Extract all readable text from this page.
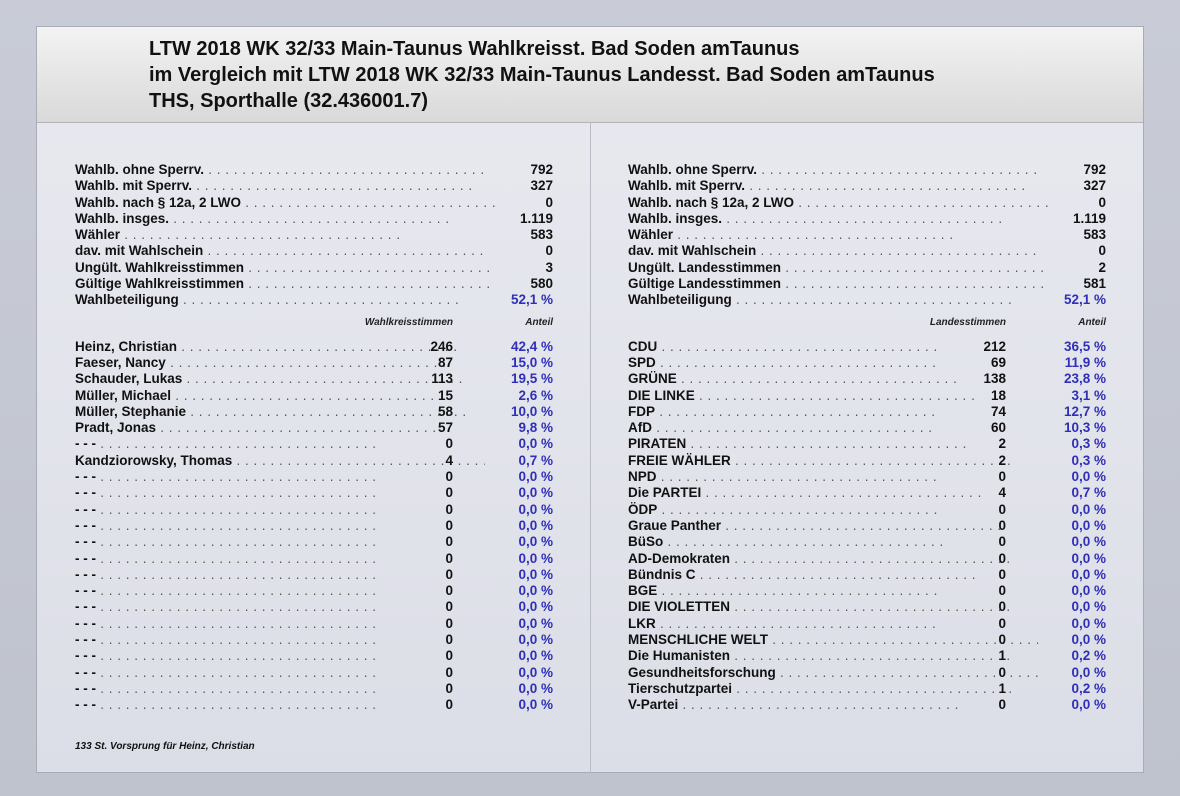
LTW 2018 WK 32/33 Main-Taunus Wahlkreisst. Bad Soden amTaunus
im Vergleich mit LTW 2018 WK 32/33 Main-Taunus Landesst. Bad Soden amTaunus
THS, Sporthalle (32.436001.7)
Wahlb. ohne Sperrv. . .	792
Wahlb. mit Sperrv. . .	327
Wahlb. nach § 12a, 2 LWO . .	0
Wahlb. insges. . .	1.119
Wähler . .	583
dav. mit Wahlschein . .	0
Ungült. Wahlkreisstimmen . .	3
Gültige Wahlkreisstimmen . .	580
Wahlbeteiligung . .	52,1 %
Wahlkreisstimmen	Anteil
Heinz, Christian . .	246	42,4 %
Faeser, Nancy . .	87	15,0 %
Schauder, Lukas . .	113	19,5 %
Müller, Michael . .	15	2,6 %
Müller, Stephanie . .	58	10,0 %
Pradt, Jonas . .	57	9,8 %
- - - . .	0	0,0 %
Kandziorowsky, Thomas . .	4	0,7 %
- - - . .	0	0,0 %
- - - . .	0	0,0 %
- - - . .	0	0,0 %
- - - . .	0	0,0 %
- - - . .	0	0,0 %
- - - . .	0	0,0 %
- - - . .	0	0,0 %
- - - . .	0	0,0 %
- - - . .	0	0,0 %
- - - . .	0	0,0 %
- - - . .	0	0,0 %
- - - . .	0	0,0 %
- - - . .	0	0,0 %
- - - . .	0	0,0 %
- - - . .	0	0,0 %
Wahlb. ohne Sperrv. . .	792
Wahlb. mit Sperrv. . .	327
Wahlb. nach § 12a, 2 LWO . .	0
Wahlb. insges. . .	1.119
Wähler . .	583
dav. mit Wahlschein . .	0
Ungült. Landesstimmen . .	2
Gültige Landesstimmen . .	581
Wahlbeteiligung . .	52,1 %
Landesstimmen	Anteil
CDU . .	212	36,5 %
SPD . .	69	11,9 %
GRÜNE . .	138	23,8 %
DIE LINKE . .	18	3,1 %
FDP . .	74	12,7 %
AfD . .	60	10,3 %
PIRATEN . .	2	0,3 %
FREIE WÄHLER . .	2	0,3 %
NPD . .	0	0,0 %
Die PARTEI . .	4	0,7 %
ÖDP . .	0	0,0 %
Graue Panther . .	0	0,0 %
BüSo . .	0	0,0 %
AD-Demokraten . .	0	0,0 %
Bündnis C . .	0	0,0 %
BGE . .	0	0,0 %
DIE VIOLETTEN . .	0	0,0 %
LKR . .	0	0,0 %
MENSCHLICHE WELT . .	0	0,0 %
Die Humanisten . .	1	0,2 %
Gesundheitsforschung . .	0	0,0 %
Tierschutzpartei . .	1	0,2 %
V-Partei . .	0	0,0 %
133 St. Vorsprung für Heinz, Christian
